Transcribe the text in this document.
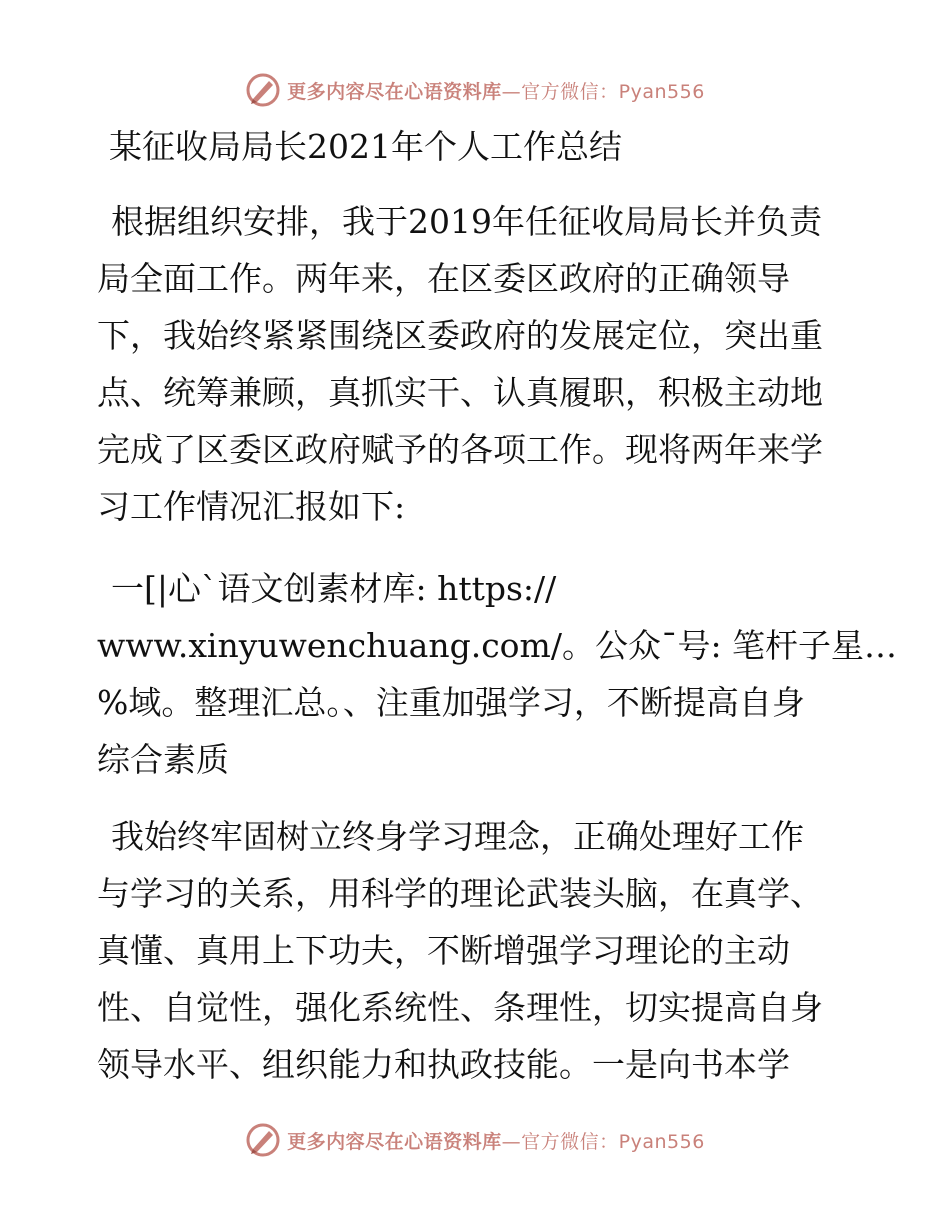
更多内容尽在心语资料库—官方微信：Pyan556
某征收局局长2021年个人工作总结

根据组织安排，我于2019年任征收局局长并负责
局全面工作。两年来，在区委区政府的正确领导
下，我始终紧紧围绕区委政府的发展定位，突出重
点、统筹兼顾，真抓实干、认真履职，积极主动地
完成了区委区政府赋予的各项工作。现将两年来学
习工作情况汇报如下:

一[|心`语文创素材库: https://
www.xinyuwenchuang.com/。公众¯号: 笔杆子星…
%域。整理汇总。、注重加强学习，不断提高自身
综合素质

我始终牢固树立终身学习理念，正确处理好工作
与学习的关系，用科学的理论武装头脑，在真学、
真懂、真用上下功夫，不断增强学习理论的主动
性、自觉性，强化系统性、条理性，切实提高自身
领导水平、组织能力和执政技能。一是向书本学

更多内容尽在心语资料库—官方微信：Pyan556
